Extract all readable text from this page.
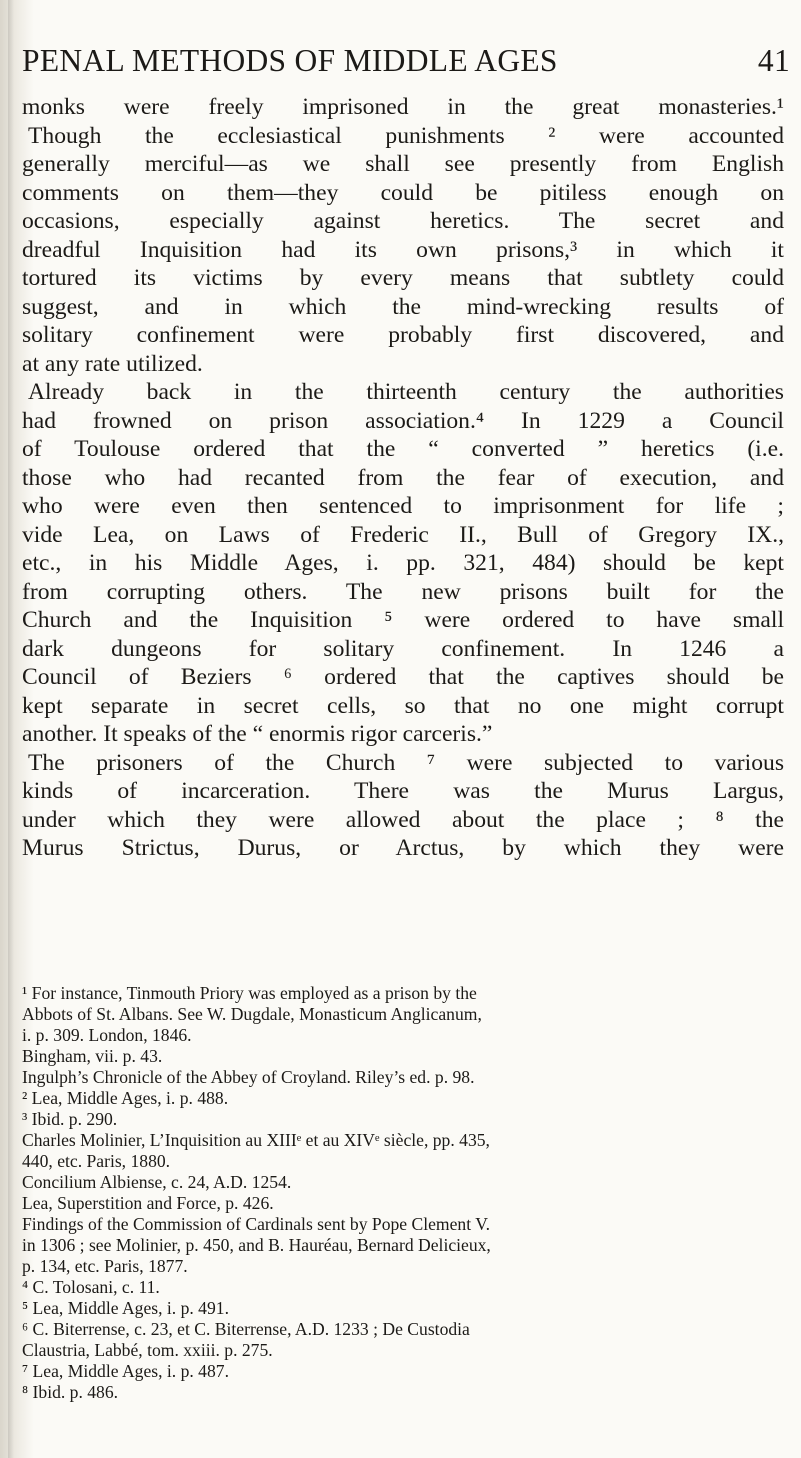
PENAL METHODS OF MIDDLE AGES	41

monks were freely imprisoned in the great monasteries.¹

Though the ecclesiastical punishments ² were accounted

generally merciful—as we shall see presently from English

comments on them—they could be pitiless enough on

occasions, especially against heretics. The secret and

dreadful Inquisition had its own prisons,³ in which it

tortured its victims by every means that subtlety could

suggest, and in which the mind-wrecking results of

solitary confinement were probably first discovered, and

at any rate utilized.

Already back in the thirteenth century the authorities

had frowned on prison association.⁴ In 1229 a Council

of Toulouse ordered that the “ converted ” heretics (i.e.

those who had recanted from the fear of execution, and

who were even then sentenced to imprisonment for life ;

vide Lea, on Laws of Frederic II., Bull of Gregory IX.,

etc., in his Middle Ages, i. pp. 321, 484) should be kept

from corrupting others. The new prisons built for the

Church and the Inquisition ⁵ were ordered to have small

dark dungeons for solitary confinement. In 1246 a

Council of Beziers ⁶ ordered that the captives should be

kept separate in secret cells, so that no one might corrupt

another. It speaks of the “ enormis rigor carceris.”

The prisoners of the Church ⁷ were subjected to various

kinds of incarceration. There was the Murus Largus,

under which they were allowed about the place ; ⁸ the

Murus Strictus, Durus, or Arctus, by which they were

¹ For instance, Tinmouth Priory was employed as a prison by the

Abbots of St. Albans. See W. Dugdale, Monasticum Anglicanum,

i. p. 309. London, 1846.

Bingham, vii. p. 43.

Ingulph’s Chronicle of the Abbey of Croyland. Riley’s ed. p. 98.

² Lea, Middle Ages, i. p. 488.

³ Ibid. p. 290.

Charles Molinier, L’Inquisition au XIIIᵉ et au XIVᵉ siècle, pp. 435,

440, etc. Paris, 1880.

Concilium Albiense, c. 24, A.D. 1254.

Lea, Superstition and Force, p. 426.

Findings of the Commission of Cardinals sent by Pope Clement V.

in 1306 ; see Molinier, p. 450, and B. Hauréau, Bernard Delicieux,

p. 134, etc. Paris, 1877.

⁴ C. Tolosani, c. 11.

⁵ Lea, Middle Ages, i. p. 491.

⁶ C. Biterrense, c. 23, et C. Biterrense, A.D. 1233 ; De Custodia

Claustria, Labbé, tom. xxiii. p. 275.

⁷ Lea, Middle Ages, i. p. 487.

⁸ Ibid. p. 486.
